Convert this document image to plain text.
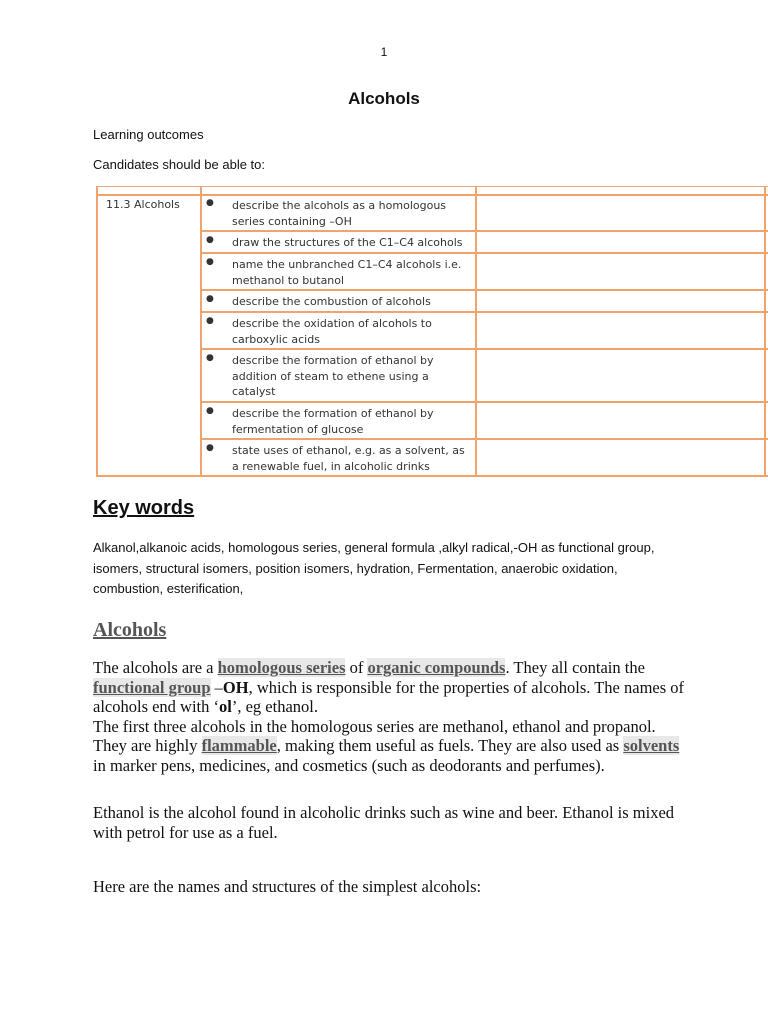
1
Alcohols
Learning outcomes
Candidates should be able to:
11.3 Alcohols	● describe the alcohols as a homologous
series containing –OH
● draw the structures of the C1–C4 alcohols
● name the unbranched C1–C4 alcohols i.e.
methanol to butanol
● describe the combustion of alcohols
● describe the oxidation of alcohols to
carboxylic acids
● describe the formation of ethanol by
addition of steam to ethene using a
catalyst
● describe the formation of ethanol by
fermentation of glucose
● state uses of ethanol, e.g. as a solvent, as
a renewable fuel, in alcoholic drinks
Key words
Alkanol,alkanoic acids, homologous series, general formula ,alkyl radical,-OH as functional group, isomers, structural isomers, position isomers, hydration, Fermentation, anaerobic oxidation, combustion, esterification,
Alcohols
The alcohols are a homologous series of organic compounds. They all contain the functional group –OH, which is responsible for the properties of alcohols. The names of alcohols end with ‘ol’, eg ethanol.
The first three alcohols in the homologous series are methanol, ethanol and propanol. They are highly flammable, making them useful as fuels. They are also used as solvents in marker pens, medicines, and cosmetics (such as deodorants and perfumes).
Ethanol is the alcohol found in alcoholic drinks such as wine and beer. Ethanol is mixed with petrol for use as a fuel.
Here are the names and structures of the simplest alcohols:
